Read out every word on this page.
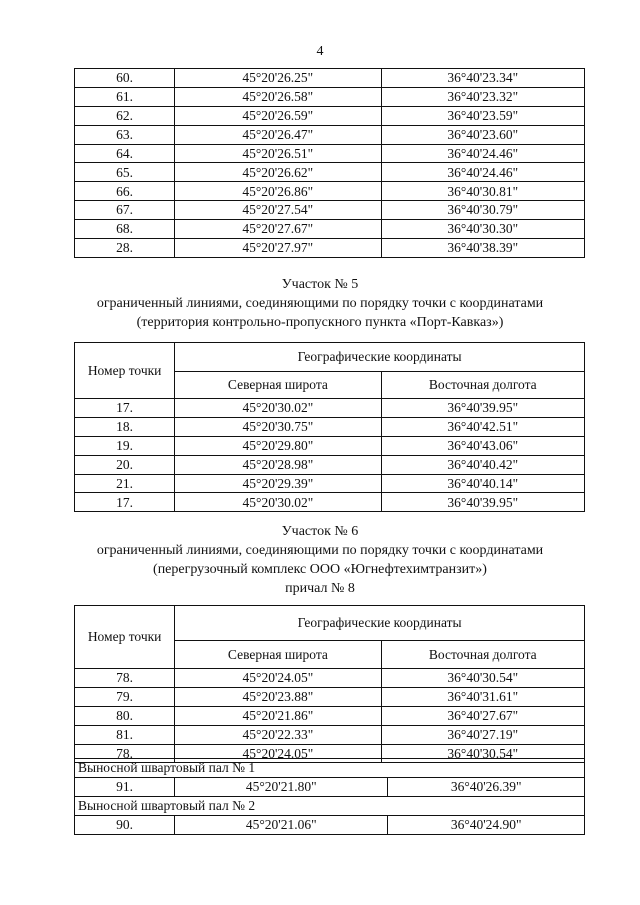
4
60.	45°20'26.25"	36°40'23.34"
61.	45°20'26.58"	36°40'23.32"
62.	45°20'26.59"	36°40'23.59"
63.	45°20'26.47"	36°40'23.60"
64.	45°20'26.51"	36°40'24.46"
65.	45°20'26.62"	36°40'24.46"
66.	45°20'26.86"	36°40'30.81"
67.	45°20'27.54"	36°40'30.79"
68.	45°20'27.67"	36°40'30.30"
28.	45°20'27.97"	36°40'38.39"
Участок № 5
ограниченный линиями, соединяющими по порядку точки с координатами
(территория контрольно-пропускного пункта «Порт-Кавказ»)
Номер точки	Географические координаты	
	Северная широта	Восточная долгота
17.	45°20'30.02"	36°40'39.95"
18.	45°20'30.75"	36°40'42.51"
19.	45°20'29.80"	36°40'43.06"
20.	45°20'28.98"	36°40'40.42"
21.	45°20'29.39"	36°40'40.14"
17.	45°20'30.02"	36°40'39.95"
Участок № 6
ограниченный линиями, соединяющими по порядку точки с координатами
(перегрузочный комплекс ООО «Югнефтехимтранзит»)
причал № 8
Номер точки	Географические координаты	
	Северная широта	Восточная долгота
78.	45°20'24.05"	36°40'30.54"
79.	45°20'23.88"	36°40'31.61"
80.	45°20'21.86"	36°40'27.67"
81.	45°20'22.33"	36°40'27.19"
78.	45°20'24.05"	36°40'30.54"
Выносной швартовый пал № 1		
91.	45°20'21.80"	36°40'26.39"
Выносной швартовый пал № 2		
90.	45°20'21.06"	36°40'24.90"
